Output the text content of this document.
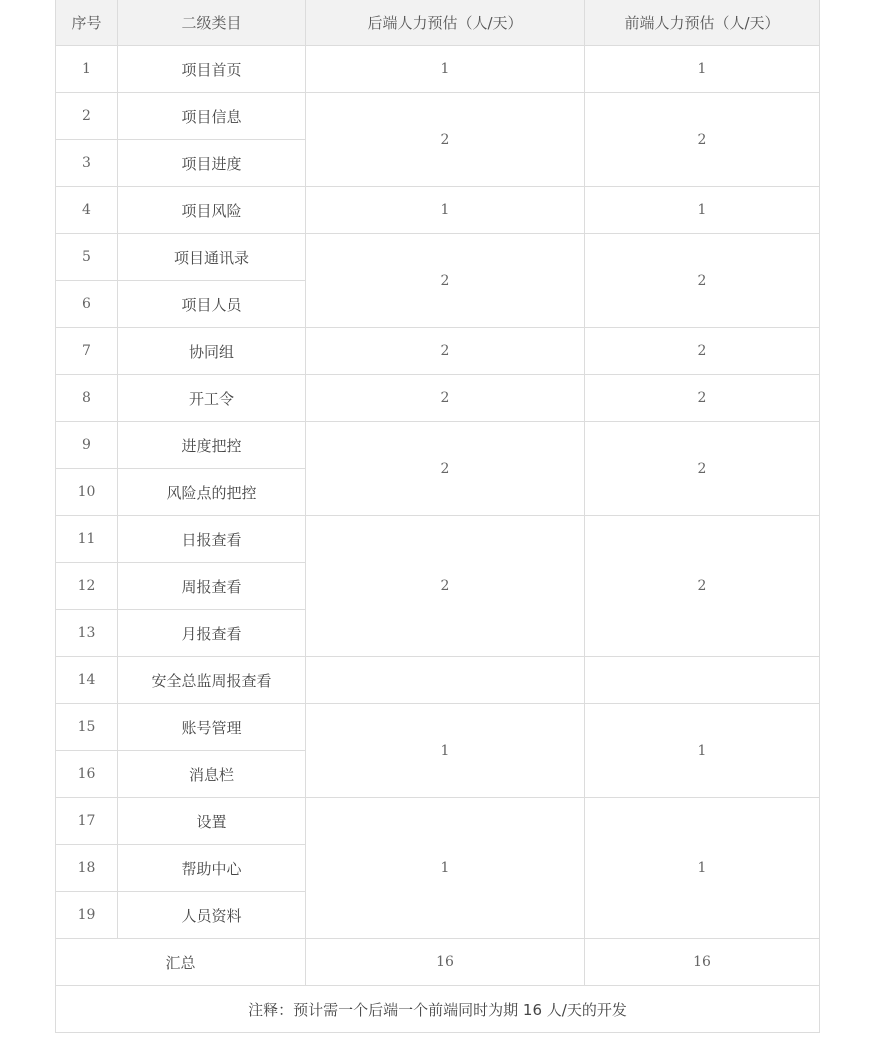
序号	二级类目	后端人力预估（人/天）	前端人力预估（人/天）
1	项目首页	1	1
2	项目信息	2	2
3	项目进度		
4	项目风险	1	1
5	项目通讯录	2	2
6	项目人员		
7	协同组	2	2
8	开工令	2	2
9	进度把控	2	2
10	风险点的把控		
11	日报查看	2	2
12	周报查看		
13	月报查看		
14	安全总监周报查看		
15	账号管理	1	1
16	消息栏		
17	设置	1	1
18	帮助中心		
19	人员资料		
汇总		16	16
注释：预计需一个后端一个前端同时为期 16 人/天的开发			
